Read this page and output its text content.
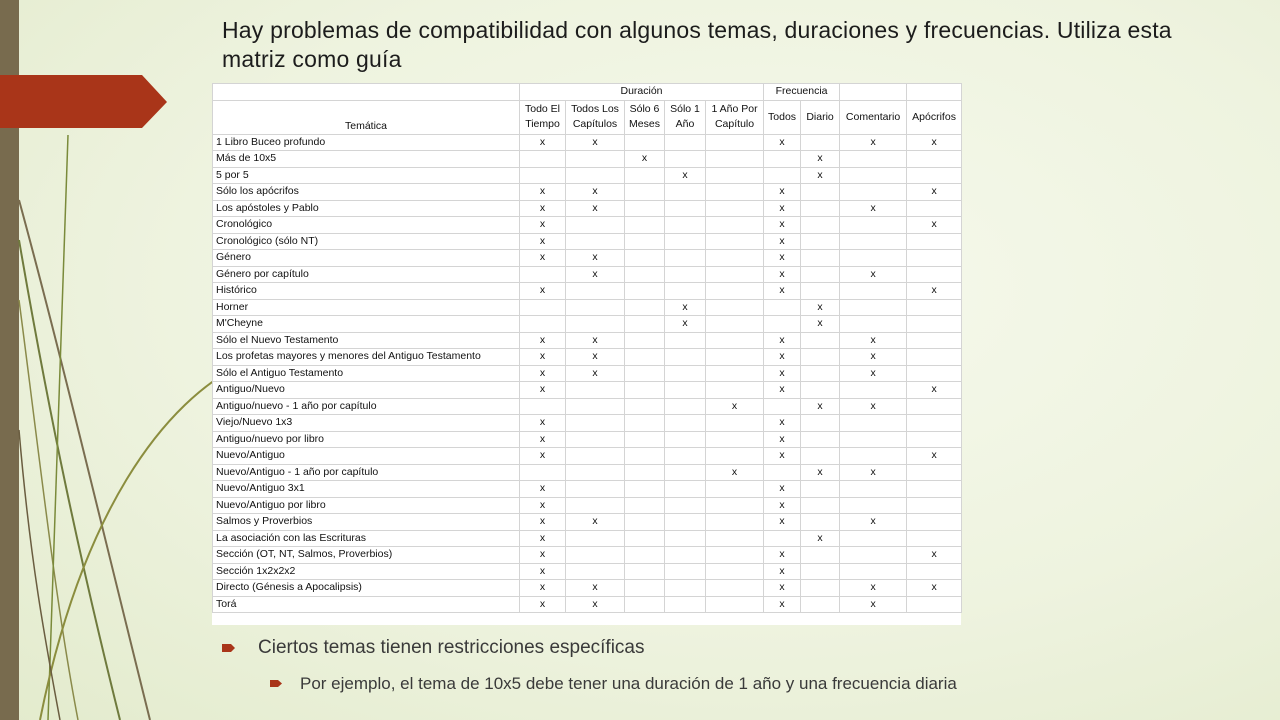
Hay problemas de compatibilidad con algunos temas, duraciones y frecuencias. Utiliza esta matriz como guía
	Duración					Frecuencia			
Temática	Todo El Tiempo	Todos Los Capítulos	Sólo 6 Meses	Sólo 1 Año	1 Año Por Capítulo	Todos	Diario	Comentario	Apócrifos
1 Libro Buceo profundo	x	x				x		x	x
Más de 10x5			x				x		
5 por 5				x			x		
Sólo los apócrifos	x	x				x			x
Los apóstoles y Pablo	x	x				x		x	
Cronológico	x					x			x
Cronológico (sólo NT)	x					x			
Género	x	x				x			
Género por capítulo		x				x		x	
Histórico	x					x			x
Horner				x			x		
M'Cheyne				x			x		
Sólo el Nuevo Testamento	x	x				x		x	
Los profetas mayores y menores del Antiguo Testamento	x	x				x		x	
Sólo el Antiguo Testamento	x	x				x		x	
Antiguo/Nuevo	x					x			x
Antiguo/nuevo - 1 año por capítulo					x		x	x	
Viejo/Nuevo 1x3	x					x			
Antiguo/nuevo por libro	x					x			
Nuevo/Antiguo	x					x			x
Nuevo/Antiguo - 1 año por capítulo					x		x	x	
Nuevo/Antiguo 3x1	x					x			
Nuevo/Antiguo por libro	x					x			
Salmos y Proverbios	x	x				x		x	
La asociación con las Escrituras	x						x		
Sección (OT, NT, Salmos, Proverbios)	x					x			x
Sección 1x2x2x2	x					x			
Directo (Génesis a Apocalipsis)	x	x				x		x	x
Torá	x	x				x		x	
Ciertos temas tienen restricciones específicas
Por ejemplo, el tema de 10x5 debe tener una duración de 1 año y una frecuencia diaria
